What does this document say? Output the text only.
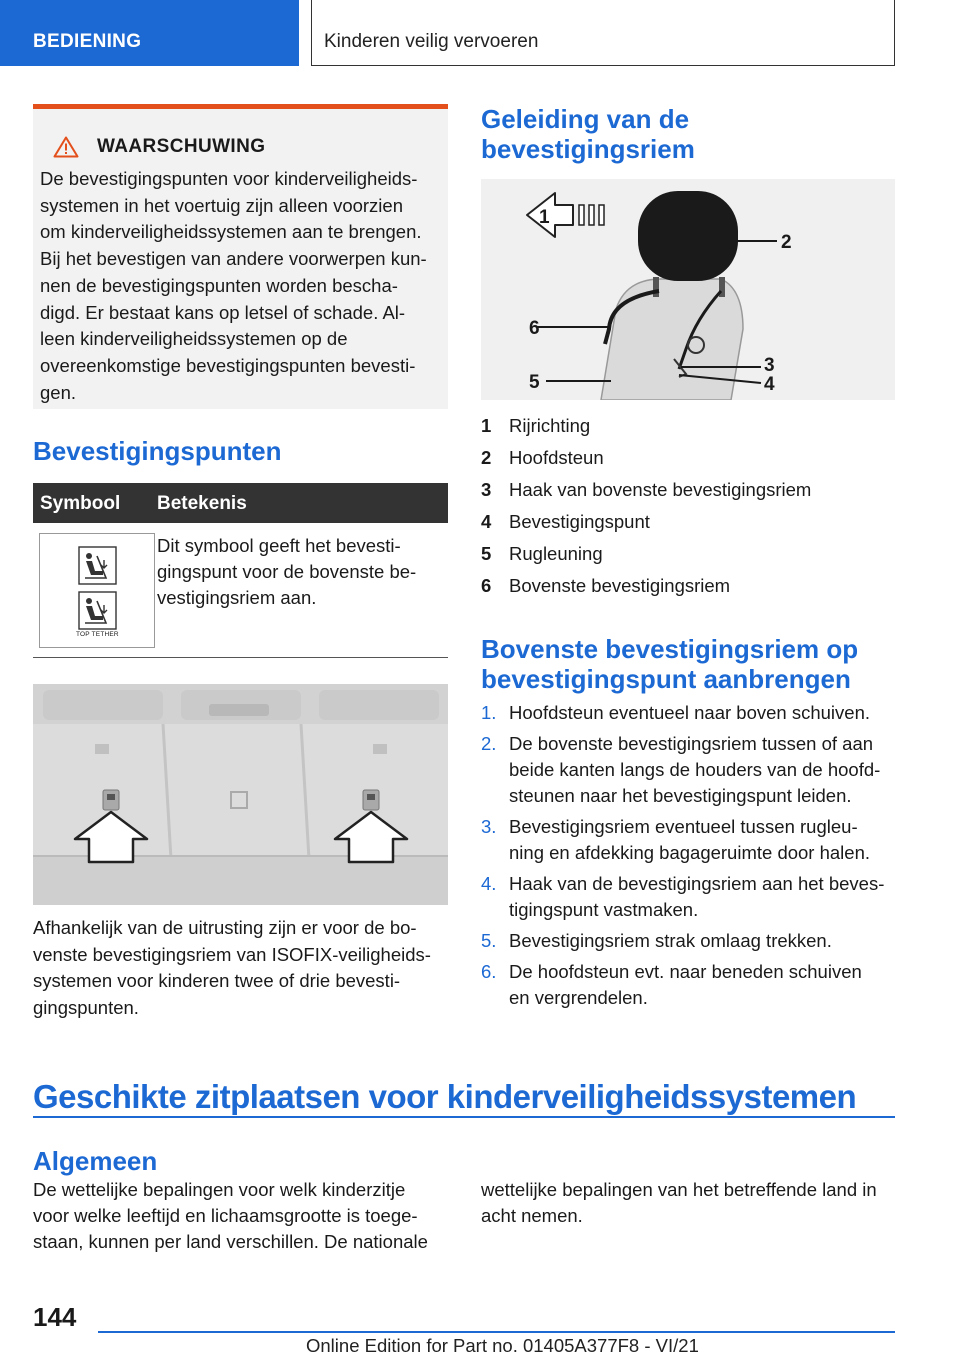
BEDIENING	Kinderen veilig vervoeren
WAARSCHUWING
De bevestigingspunten voor kinderveiligheids-
systemen in het voertuig zijn alleen voorzien
om kinderveiligheidssystemen aan te brengen.
Bij het bevestigen van andere voorwerpen kun-
nen de bevestigingspunten worden bescha-
digd. Er bestaat kans op letsel of schade. Al-
leen kinderveiligheidssystemen op de
overeenkomstige bevestigingspunten bevesti-
gen.
Bevestigingspunten
Symbool Betekenis
TOP TETHER
Dit symbool geeft het bevesti-
gingspunt voor de bovenste be-
vestigingsriem aan.
Afhankelijk van de uitrusting zijn er voor de bo-
venste bevestigingsriem van ISOFIX-veiligheids-
systemen voor kinderen twee of drie bevesti-
gingspunten.
Geleiding van de
bevestigingsriem
1
2
3
4
5
6
1 Rijrichting
2 Hoofdsteun
3 Haak van bovenste bevestigingsriem
4 Bevestigingspunt
5 Rugleuning
6 Bovenste bevestigingsriem
Bovenste bevestigingsriem op
bevestigingspunt aanbrengen
1. Hoofdsteun eventueel naar boven schuiven.
2. De bovenste bevestigingsriem tussen of aan
beide kanten langs de houders van de hoofd-
steunen naar het bevestigingspunt leiden.
3. Bevestigingsriem eventueel tussen rugleu-
ning en afdekking bagageruimte door halen.
4. Haak van de bevestigingsriem aan het beves-
tigingspunt vastmaken.
5. Bevestigingsriem strak omlaag trekken.
6. De hoofdsteun evt. naar beneden schuiven
en vergrendelen.
Geschikte zitplaatsen voor kinderveiligheidssystemen
Algemeen
De wettelijke bepalingen voor welk kinderzitje
voor welke leeftijd en lichaamsgrootte is toege-
staan, kunnen per land verschillen. De nationale
wettelijke bepalingen van het betreffende land in
acht nemen.
144
Online Edition for Part no. 01405A377F8 - VI/21
